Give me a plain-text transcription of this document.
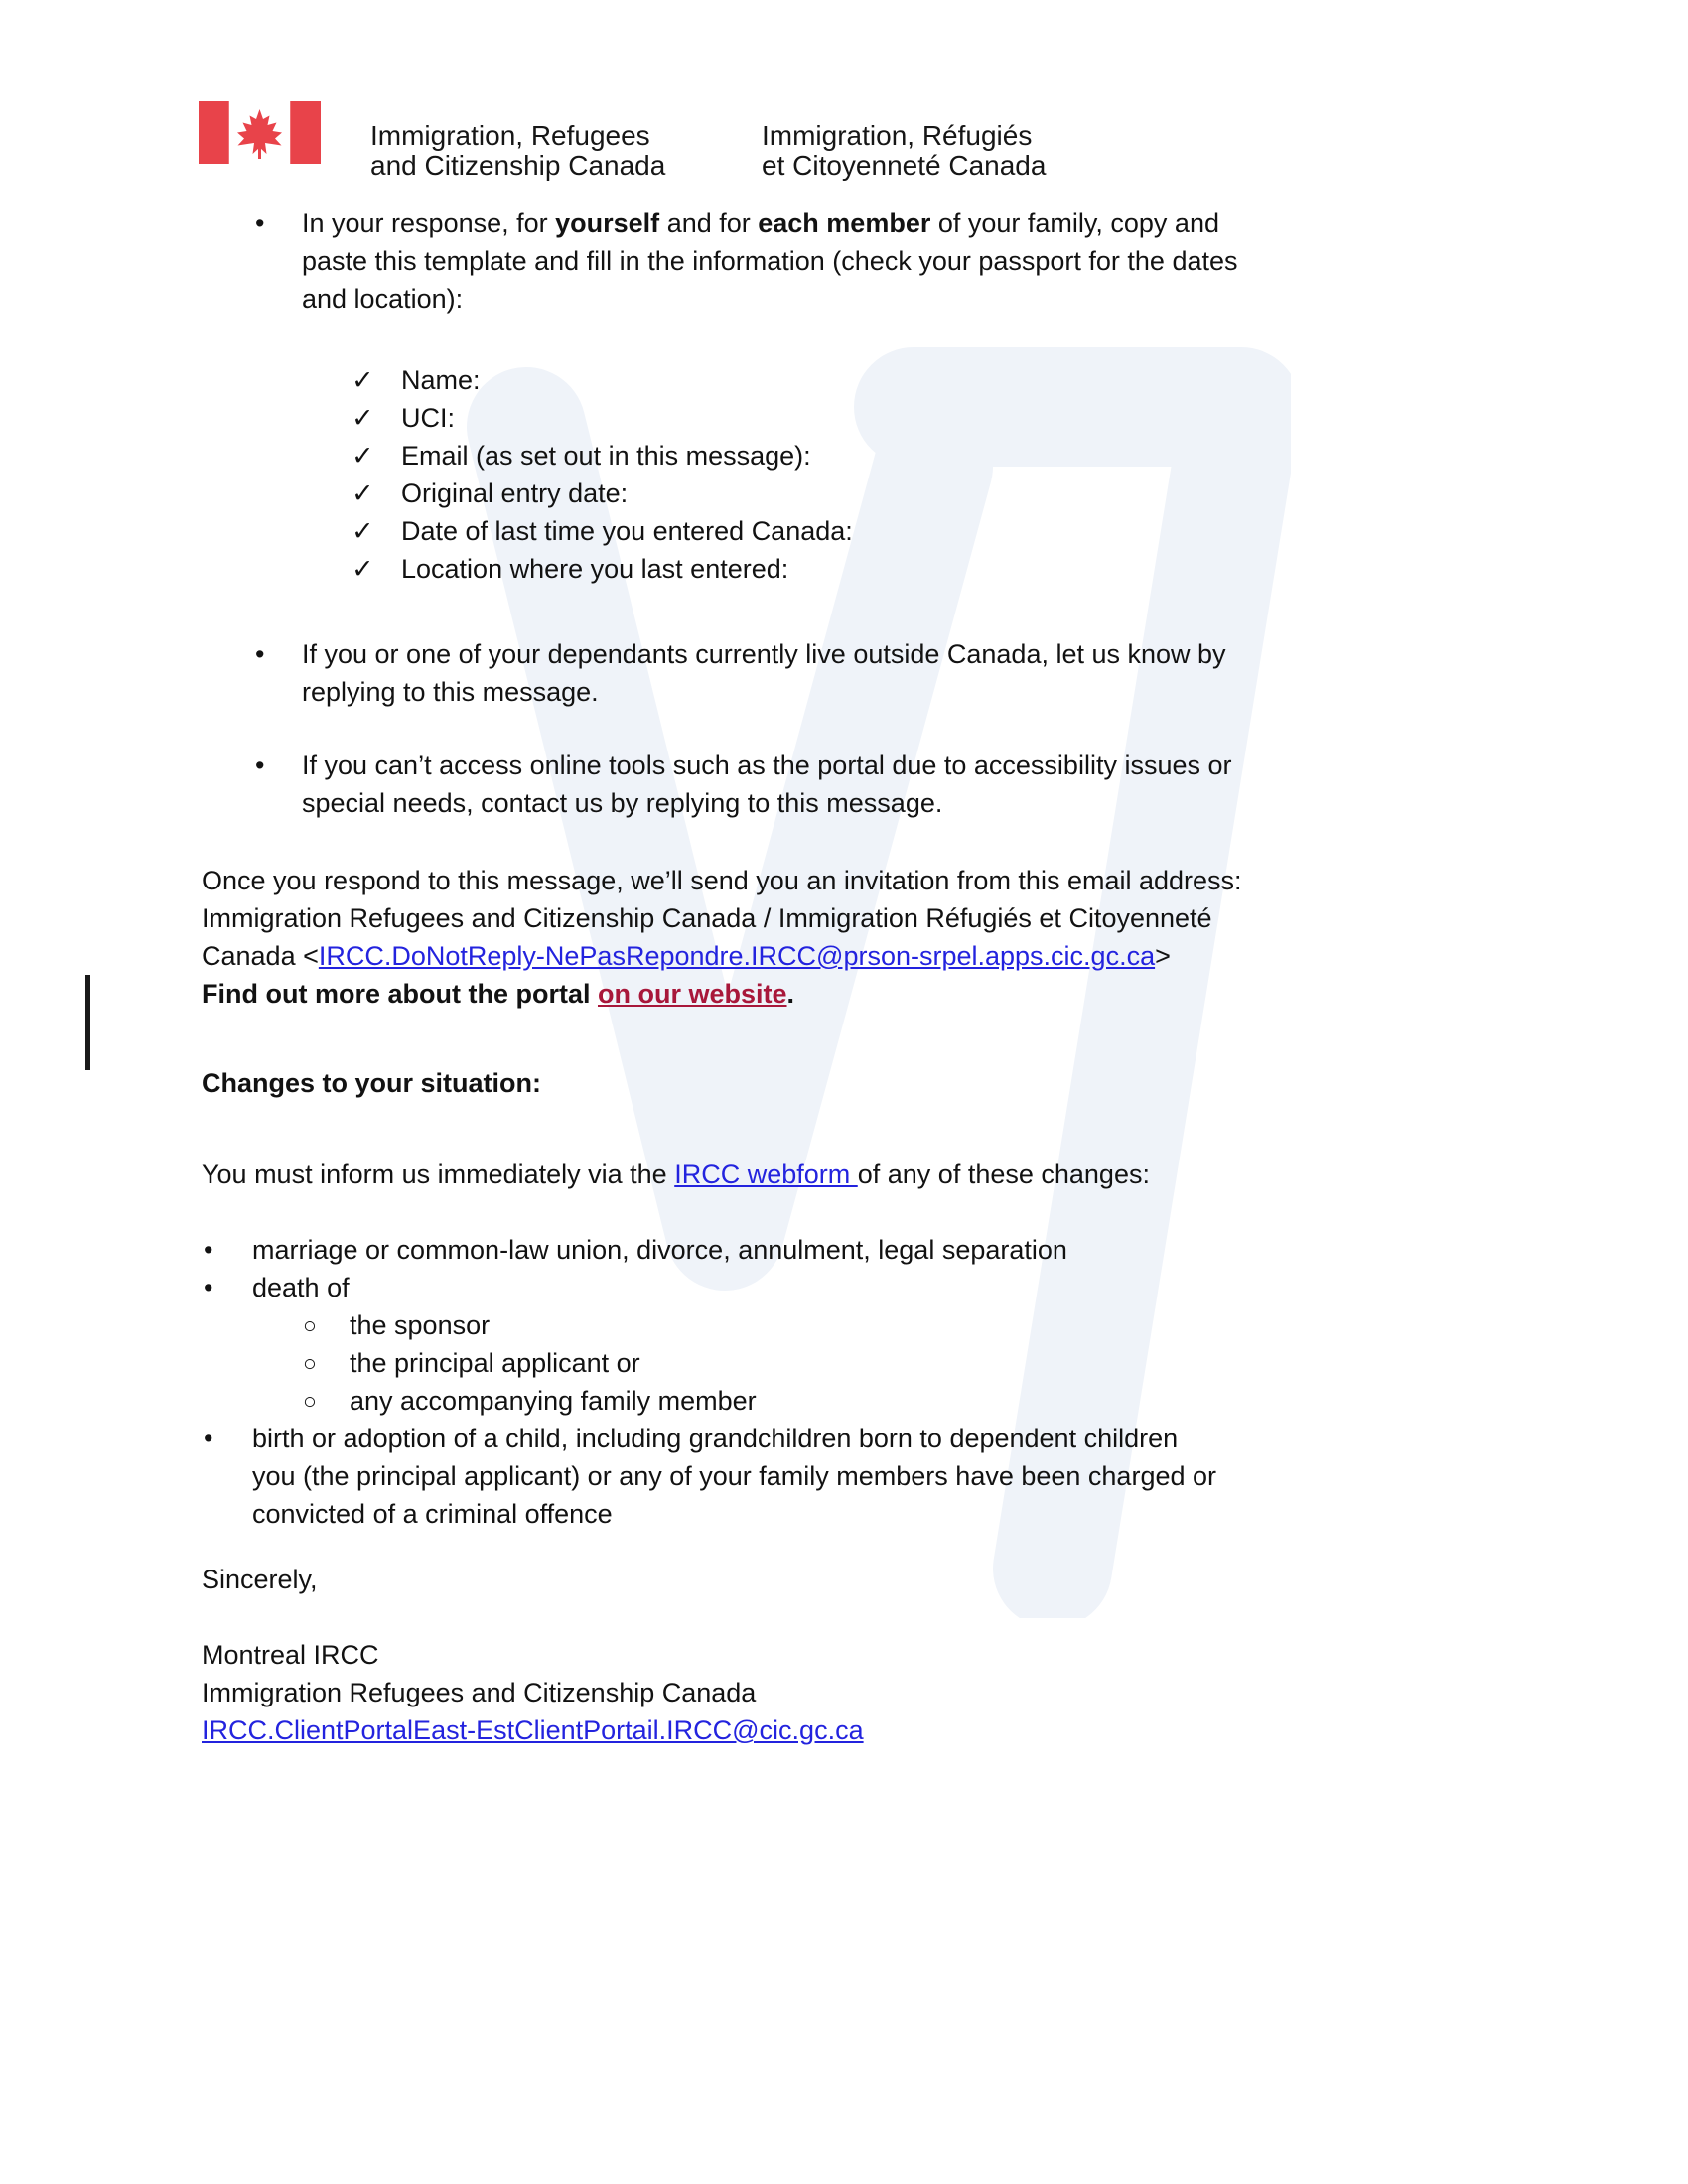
Immigration, Refugees
and Citizenship Canada
Immigration, Réfugiés
et Citoyenneté Canada
• In your response, for yourself and for each member of your family, copy and
paste this template and fill in the information (check your passport for the dates
and location):
✓ Name:
✓ UCI:
✓ Email (as set out in this message):
✓ Original entry date:
✓ Date of last time you entered Canada:
✓ Location where you last entered:
• If you or one of your dependants currently live outside Canada, let us know by
replying to this message.
• If you can’t access online tools such as the portal due to accessibility issues or
special needs, contact us by replying to this message.
Once you respond to this message, we’ll send you an invitation from this email address:
Immigration Refugees and Citizenship Canada / Immigration Réfugiés et Citoyenneté
Canada <IRCC.DoNotReply-NePasRepondre.IRCC@prson-srpel.apps.cic.gc.ca>
Find out more about the portal on our website.
Changes to your situation:
You must inform us immediately via the IRCC webform of any of these changes:
• marriage or common-law union, divorce, annulment, legal separation
• death of
○ the sponsor
○ the principal applicant or
○ any accompanying family member
• birth or adoption of a child, including grandchildren born to dependent children
you (the principal applicant) or any of your family members have been charged or
convicted of a criminal offence
Sincerely,
Montreal IRCC
Immigration Refugees and Citizenship Canada
IRCC.ClientPortalEast-EstClientPortail.IRCC@cic.gc.ca
